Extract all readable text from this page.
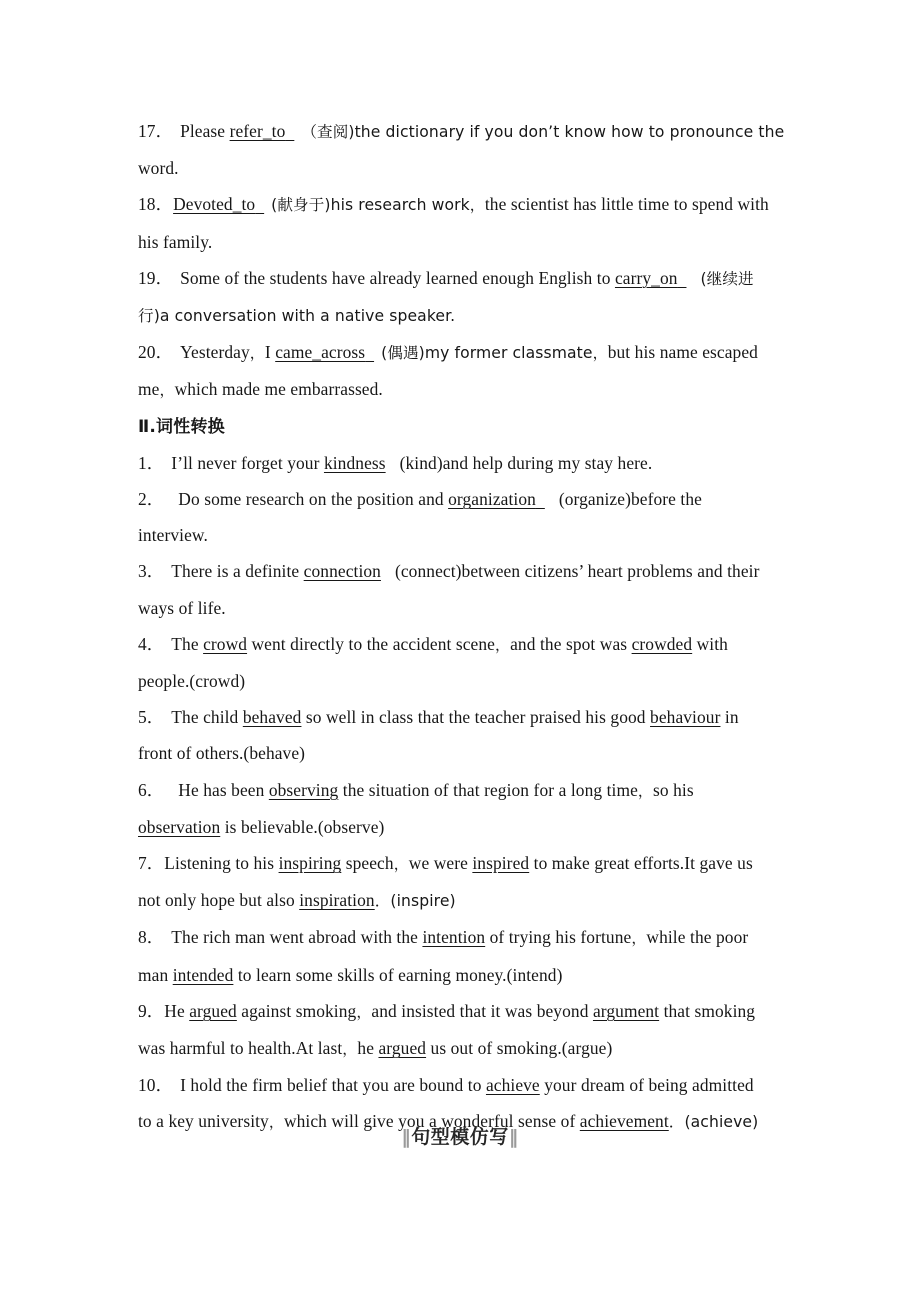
17． Please refer_to （查阅)the dictionary if you don’t know how to pronounce the

word.

18．Devoted_to (献身于)his research work，the scientist has little time to spend with

his family.

19． Some of the students have already learned enough English to carry_on (继续进

行)a conversation with a native speaker.

20． Yesterday，I came_across (偶遇)my former classmate，but his name escaped

me，which made me embarrassed.

Ⅱ.词性转换

1． I’ll never forget your kindness (kind)and help during my stay here.

2． Do some research on the position and organization (organize)before the

interview.

3． There is a definite connection (connect)between citizens’ heart problems and their

ways of life.

4． The crowd went directly to the accident scene，and the spot was crowded with

people.(crowd)

5． The child behaved so well in class that the teacher praised his good behaviour in

front of others.(behave)

6． He has been observing the situation of that region for a long time，so his

observation is believable.(observe)

7．Listening to his inspiring speech，we were inspired to make great efforts.It gave us

not only hope but also inspiration．(inspire)

8． The rich man went abroad with the intention of trying his fortune，while the poor

man intended to learn some skills of earning money.(intend)

9．He argued against smoking，and insisted that it was beyond argument that smoking

was harmful to health.At last，he argued us out of smoking.(argue)

10． I hold the firm belief that you are bound to achieve your dream of being admitted

to a key university，which will give you a wonderful sense of achievement．(achieve)

‖句型模仿写‖
